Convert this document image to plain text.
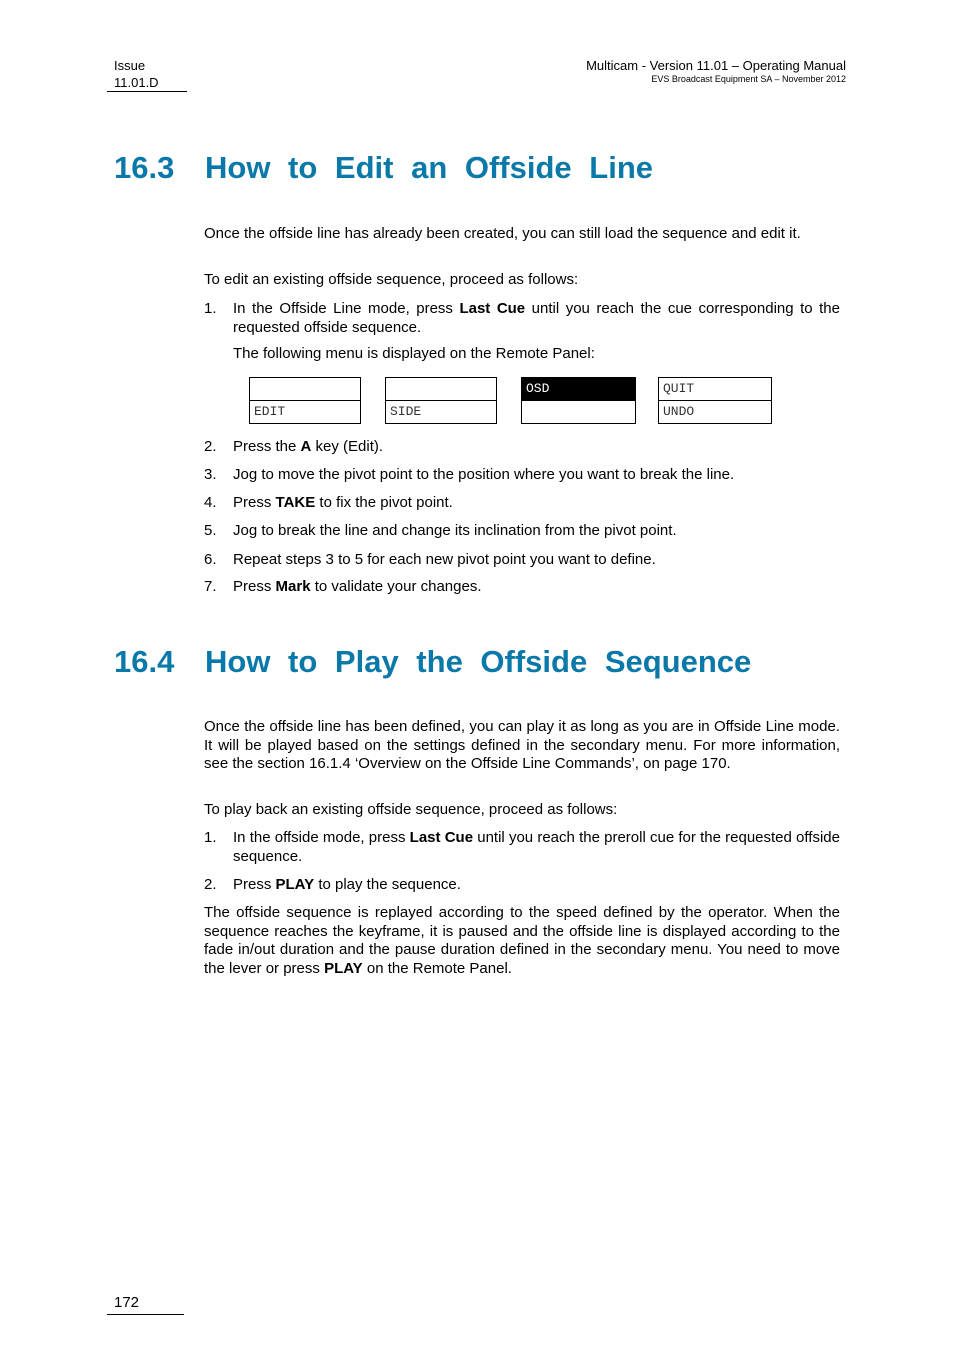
Issue
11.01.D
Multicam - Version 11.01 – Operating Manual
EVS Broadcast Equipment SA – November 2012
16.3 How to Edit an Offside Line

Once the offside line has already been created, you can still load the sequence and edit it.

To edit an existing offside sequence, proceed as follows:

1. In the Offside Line mode, press Last Cue until you reach the cue corresponding to the requested offside sequence.

The following menu is displayed on the Remote Panel:

EDIT	SIDE
OSD	QUIT
UNDO
2. Press the A key (Edit).
3. Jog to move the pivot point to the position where you want to break the line.
4. Press TAKE to fix the pivot point.
5. Jog to break the line and change its inclination from the pivot point.
6. Repeat steps 3 to 5 for each new pivot point you want to define.
7. Press Mark to validate your changes.
16.4 How to Play the Offside Sequence

Once the offside line has been defined, you can play it as long as you are in Offside Line mode. It will be played based on the settings defined in the secondary menu. For more information, see the section 16.1.4 ‘Overview on the Offside Line Commands’, on page 170.

To play back an existing offside sequence, proceed as follows:

1. In the offside mode, press Last Cue until you reach the preroll cue for the requested offside sequence.
2. Press PLAY to play the sequence.

The offside sequence is replayed according to the speed defined by the operator. When the sequence reaches the keyframe, it is paused and the offside line is displayed according to the fade in/out duration and the pause duration defined in the secondary menu. You need to move the lever or press PLAY on the Remote Panel.

172
